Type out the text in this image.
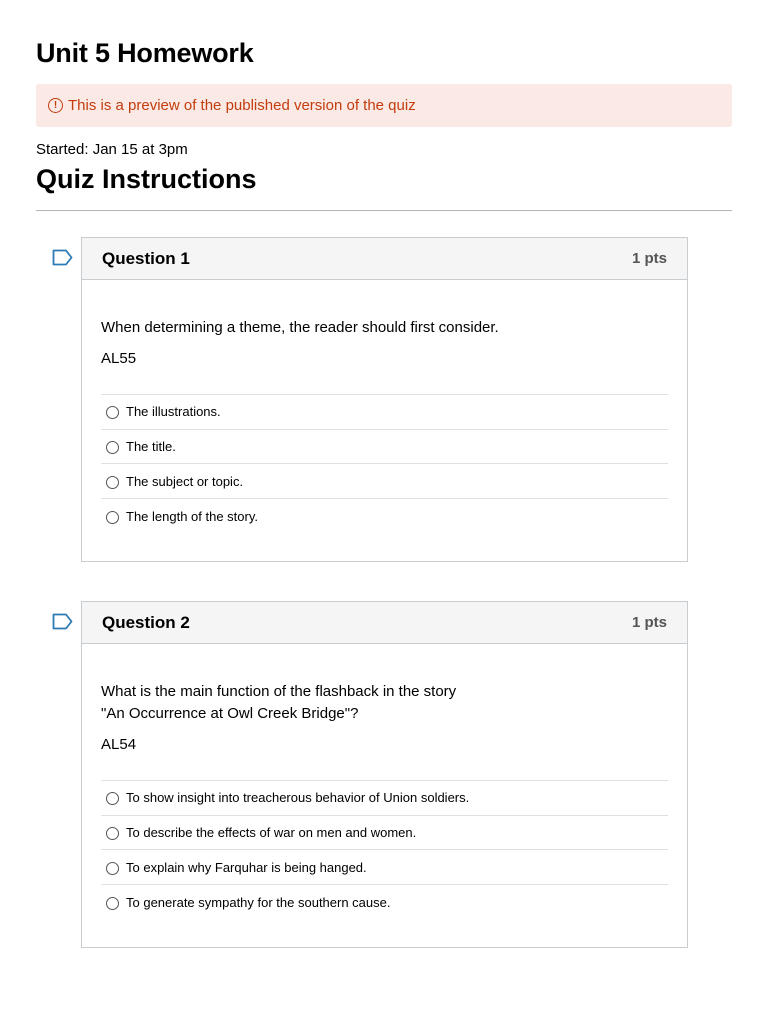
Unit 5 Homework
! This is a preview of the published version of the quiz
Started: Jan 15 at 3pm
Quiz Instructions
Question 1	1 pts
When determining a theme, the reader should first consider.
AL55
The illustrations.
The title.
The subject or topic.
The length of the story.
Question 2	1 pts
What is the main function of the flashback in the story
"An Occurrence at Owl Creek Bridge"?
AL54
To show insight into treacherous behavior of Union soldiers.
To describe the effects of war on men and women.
To explain why Farquhar is being hanged.
To generate sympathy for the southern cause.
